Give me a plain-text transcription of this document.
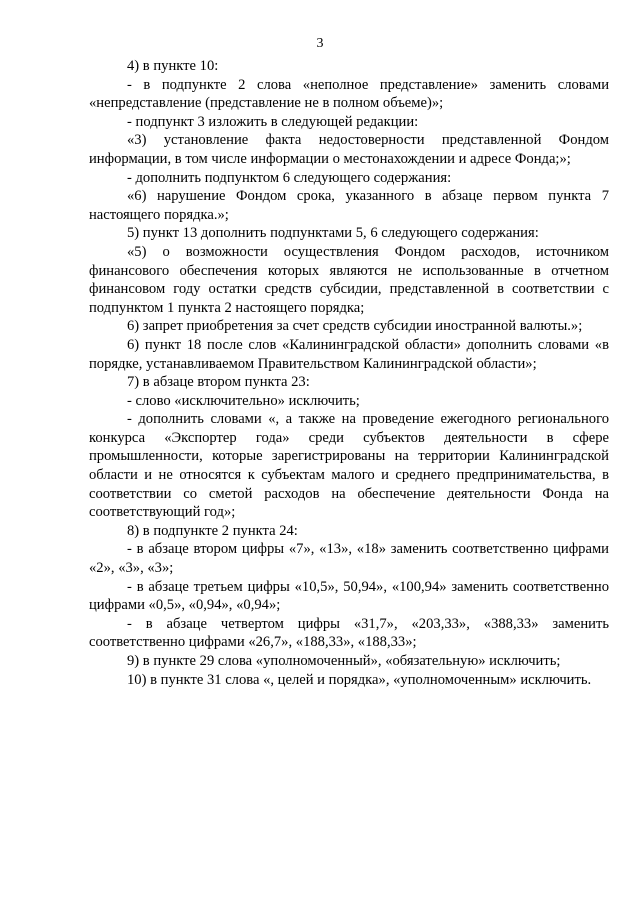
3

4) в пункте 10:

- в подпункте 2 слова «неполное представление» заменить словами «непредставление (представление не в полном объеме)»;

- подпункт 3 изложить в следующей редакции:

«3) установление факта недостоверности представленной Фондом информации, в том числе информации о местонахождении и адресе Фонда;»;

- дополнить подпунктом 6 следующего содержания:

«6) нарушение Фондом срока, указанного в абзаце первом пункта 7 настоящего порядка.»;

5) пункт 13 дополнить подпунктами 5, 6 следующего содержания:

«5) о возможности осуществления Фондом расходов, источником финансового обеспечения которых являются не использованные в отчетном финансовом году остатки средств субсидии, представленной в соответствии с подпунктом 1 пункта 2 настоящего порядка;

6) запрет приобретения за счет средств субсидии иностранной валюты.»;

6) пункт 18 после слов «Калининградской области» дополнить словами «в порядке, устанавливаемом Правительством Калининградской области»;

7) в абзаце втором пункта 23:

- слово «исключительно» исключить;

- дополнить словами «, а также на проведение ежегодного регионального конкурса «Экспортер года» среди субъектов деятельности в сфере промышленности, которые зарегистрированы на территории Калининградской области и не относятся к субъектам малого и среднего предпринимательства, в соответствии со сметой расходов на обеспечение деятельности Фонда на соответствующий год»;

8) в подпункте 2 пункта 24:

- в абзаце втором цифры «7», «13», «18» заменить соответственно цифрами «2», «3», «3»;

- в абзаце третьем цифры «10,5», 50,94», «100,94» заменить соответственно цифрами «0,5», «0,94», «0,94»;

- в абзаце четвертом цифры «31,7», «203,33», «388,33» заменить соответственно цифрами «26,7», «188,33», «188,33»;

9) в пункте 29 слова «уполномоченный», «обязательную» исключить;

10) в пункте 31 слова «, целей и порядка», «уполномоченным» исключить.
